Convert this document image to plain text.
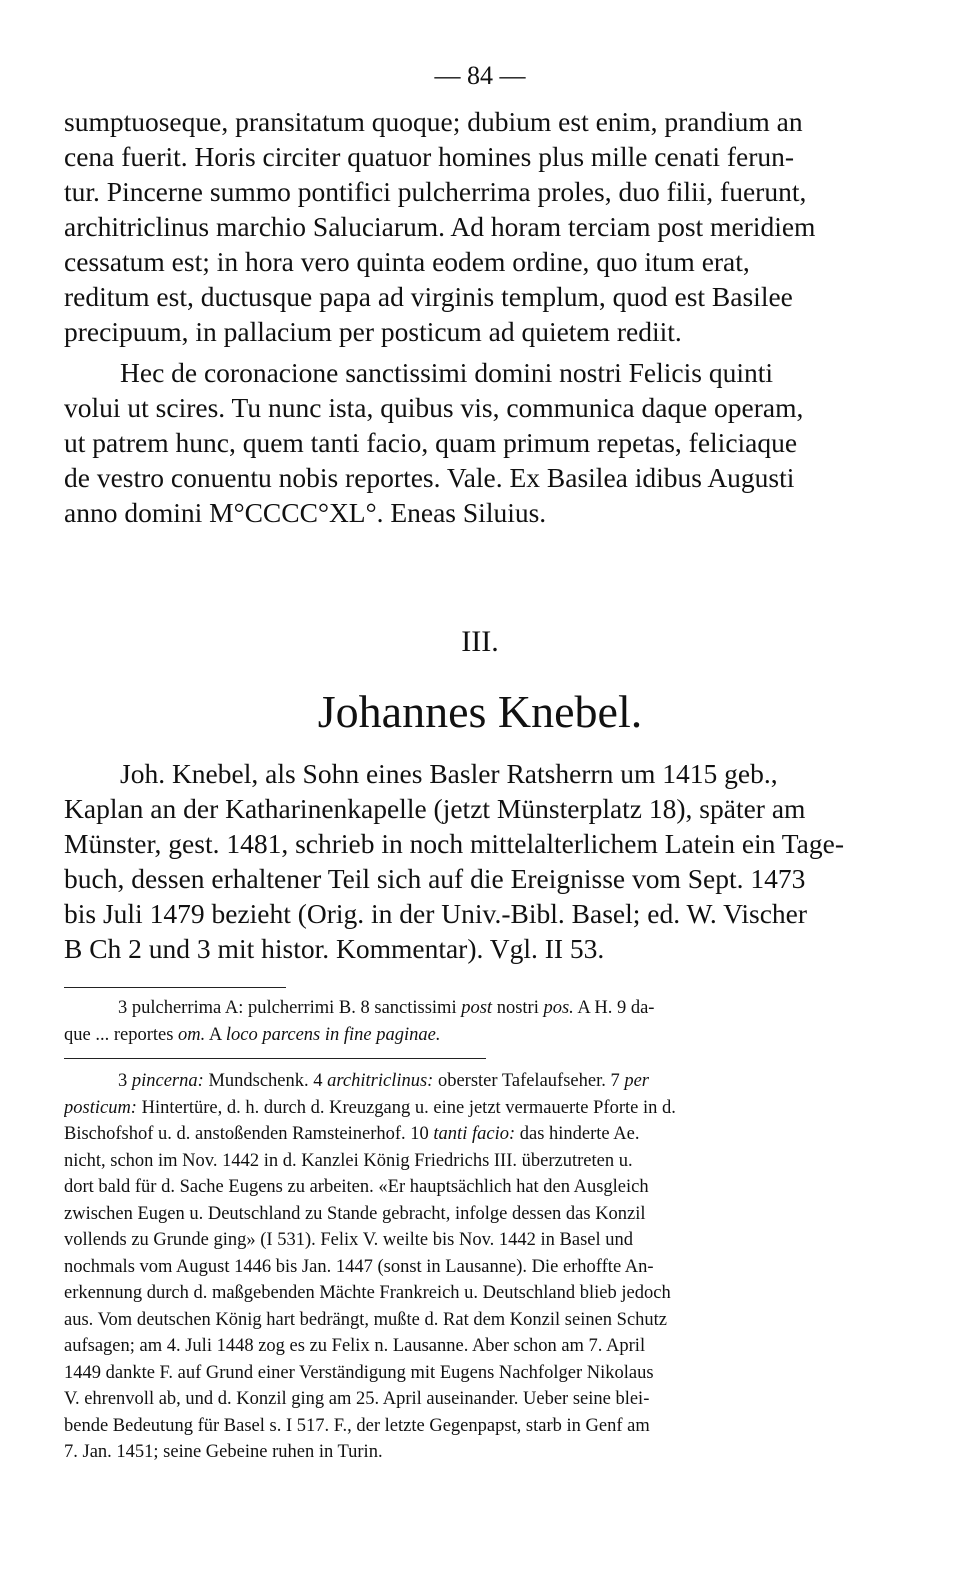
— 84 —
sumptuoseque, pransitatum quoque; dubium est enim, prandium an
cena fuerit. Horis circiter quatuor homines plus mille cenati ferun-
tur. Pincerne summo pontifici pulcherrima proles, duo filii, fuerunt,
architriclinus marchio Saluciarum. Ad horam terciam post meridiem
cessatum est; in hora vero quinta eodem ordine, quo itum erat,
reditum est, ductusque papa ad virginis templum, quod est Basilee
precipuum, in pallacium per posticum ad quietem rediit.
Hec de coronacione sanctissimi domini nostri Felicis quinti
volui ut scires. Tu nunc ista, quibus vis, communica daque operam,
ut patrem hunc, quem tanti facio, quam primum repetas, feliciaque
de vestro conuentu nobis reportes. Vale. Ex Basilea idibus Augusti
anno domini M°CCCC°XL°. Eneas Siluius.
III.
Johannes Knebel.
Joh. Knebel, als Sohn eines Basler Ratsherrn um 1415 geb.,
Kaplan an der Katharinenkapelle (jetzt Münsterplatz 18), später am
Münster, gest. 1481, schrieb in noch mittelalterlichem Latein ein Tage-
buch, dessen erhaltener Teil sich auf die Ereignisse vom Sept. 1473
bis Juli 1479 bezieht (Orig. in der Univ.-Bibl. Basel; ed. W. Vischer
B Ch 2 und 3 mit histor. Kommentar). Vgl. II 53.
3 pulcherrima A: pulcherrimi B. 8 sanctissimi post nostri pos. A H. 9 da-
que ... reportes om. A loco parcens in fine paginae.
3 pincerna: Mundschenk. 4 architriclinus: oberster Tafelaufseher. 7 per
posticum: Hintertüre, d. h. durch d. Kreuzgang u. eine jetzt vermauerte Pforte in d.
Bischofshof u. d. anstoßenden Ramsteinerhof. 10 tanti facio: das hinderte Ae.
nicht, schon im Nov. 1442 in d. Kanzlei König Friedrichs III. überzutreten u.
dort bald für d. Sache Eugens zu arbeiten. «Er hauptsächlich hat den Ausgleich
zwischen Eugen u. Deutschland zu Stande gebracht, infolge dessen das Konzil
vollends zu Grunde ging» (I 531). Felix V. weilte bis Nov. 1442 in Basel und
nochmals vom August 1446 bis Jan. 1447 (sonst in Lausanne). Die erhoffte An-
erkennung durch d. maßgebenden Mächte Frankreich u. Deutschland blieb jedoch
aus. Vom deutschen König hart bedrängt, mußte d. Rat dem Konzil seinen Schutz
aufsagen; am 4. Juli 1448 zog es zu Felix n. Lausanne. Aber schon am 7. April
1449 dankte F. auf Grund einer Verständigung mit Eugens Nachfolger Nikolaus
V. ehrenvoll ab, und d. Konzil ging am 25. April auseinander. Ueber seine blei-
bende Bedeutung für Basel s. I 517. F., der letzte Gegenpapst, starb in Genf am
7. Jan. 1451; seine Gebeine ruhen in Turin.
